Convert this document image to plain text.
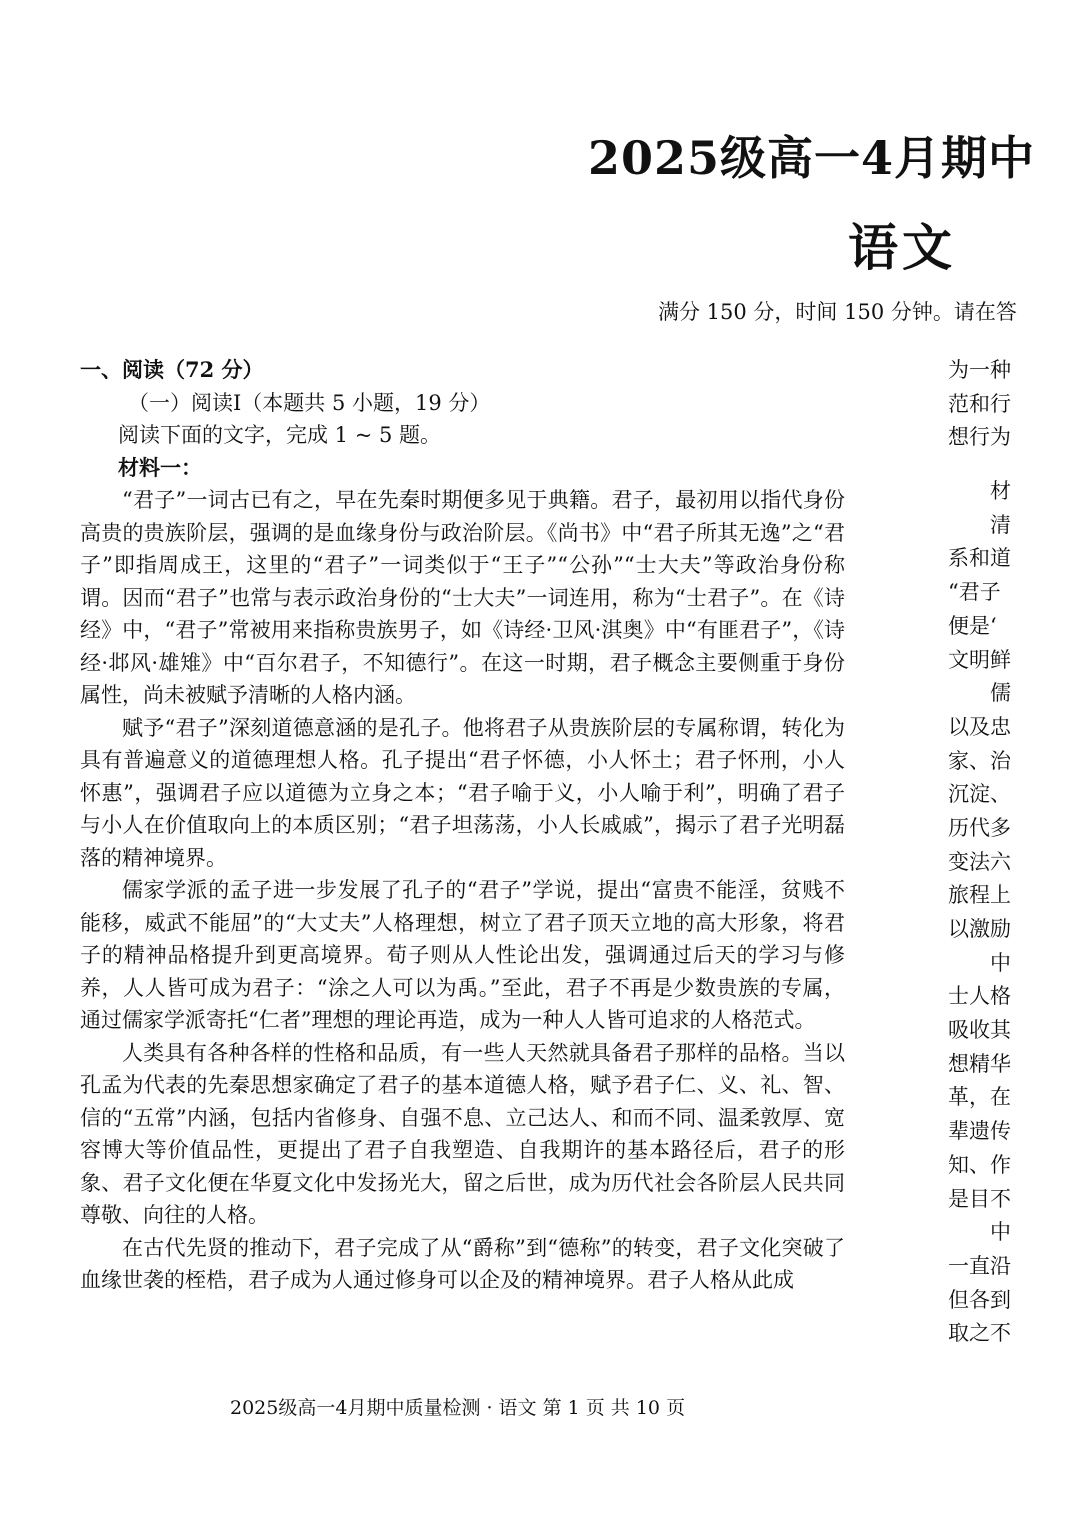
2025级高一4月期中
语文
满分 150 分，时间 150 分钟。请在答

一、阅读（72 分）

（一）阅读Ⅰ（本题共 5 小题，19 分）

阅读下面的文字，完成 1 ~ 5 题。

材料一：

“君子”一词古已有之，早在先秦时期便多见于典籍。君子，最初用以指代身份高贵的贵族阶层，强调的是血缘身份与政治阶层。《尚书》中“君子所其无逸”之“君子”即指周成王，这里的“君子”一词类似于“王子”“公孙”“士大夫”等政治身份称谓。因而“君子”也常与表示政治身份的“士大夫”一词连用，称为“士君子”。在《诗经》中，“君子”常被用来指称贵族男子，如《诗经·卫风·淇奥》中“有匪君子”，《诗经·邶风·雄雉》中“百尔君子，不知德行”。在这一时期，君子概念主要侧重于身份属性，尚未被赋予清晰的人格内涵。

赋予“君子”深刻道德意涵的是孔子。他将君子从贵族阶层的专属称谓，转化为具有普遍意义的道德理想人格。孔子提出“君子怀德，小人怀土；君子怀刑，小人怀惠”，强调君子应以道德为立身之本；“君子喻于义，小人喻于利”，明确了君子与小人在价值取向上的本质区别；“君子坦荡荡，小人长戚戚”，揭示了君子光明磊落的精神境界。

儒家学派的孟子进一步发展了孔子的“君子”学说，提出“富贵不能淫，贫贱不能移，威武不能屈”的“大丈夫”人格理想，树立了君子顶天立地的高大形象，将君子的精神品格提升到更高境界。荀子则从人性论出发，强调通过后天的学习与修养，人人皆可成为君子：“涂之人可以为禹。”至此，君子不再是少数贵族的专属，通过儒家学派寄托“仁者”理想的理论再造，成为一种人人皆可追求的人格范式。

人类具有各种各样的性格和品质，有一些人天然就具备君子那样的品格。当以孔孟为代表的先秦思想家确定了君子的基本道德人格，赋予君子仁、义、礼、智、信的“五常”内涵，包括内省修身、自强不息、立己达人、和而不同、温柔敦厚、宽容博大等价值品性，更提出了君子自我塑造、自我期许的基本路径后，君子的形象、君子文化便在华夏文化中发扬光大，留之后世，成为历代社会各阶层人民共同尊敬、向往的人格。

在古代先贤的推动下，君子完成了从“爵称”到“德称”的转变，君子文化突破了血缘世袭的桎梏，君子成为人通过修身可以企及的精神境界。君子人格从此成

为一种
范和行
想行为
材
清
系和道
“君子
便是‘
文明鲜
儒
以及忠
家、治
沉淀、
历代多
变法六
旅程上
以激励
中
士人格
吸收其
想精华
革，在
辈遗传
知、作
是目不
中
一直沿
但各到
取之不
2025级高一4月期中质量检测 · 语文 第 1 页 共 10 页
